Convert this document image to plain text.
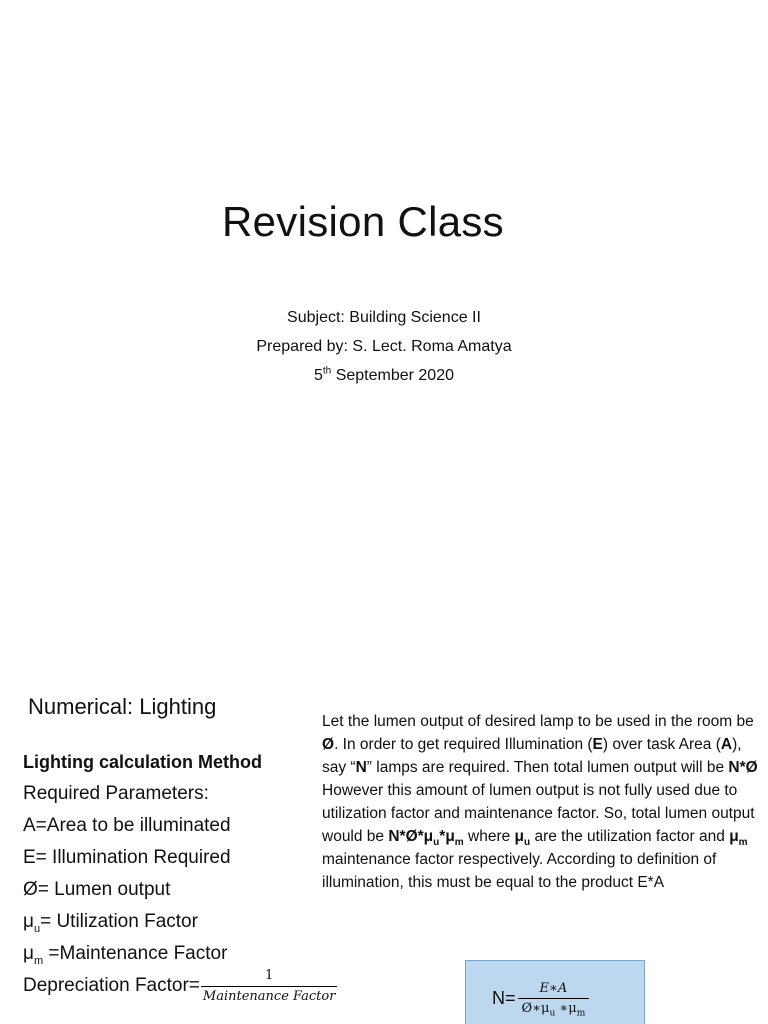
Revision Class
Subject: Building Science II
Prepared by: S. Lect. Roma Amatya
5th September 2020
Numerical: Lighting
Lighting calculation Method
Required Parameters:
A=Area to be illuminated
E= Illumination Required
Ø= Lumen output
$\mu_u=$ Utilization Factor
$\mu_m$ =Maintenance Factor
Depreciation Factor= $\frac{1}{\text{Maintenance Factor}}$

Let the lumen output of desired lamp to be used in the room be Ø. In order to get required Illumination (E) over task Area (A), say “N” lamps are required. Then total lumen output will be N*Ø

However this amount of lumen output is not fully used due to utilization factor and maintenance factor. So, total lumen output would be $N*Ø*\mu_u*\mu_m$ where $\mu_u$ are the utilization factor and $\mu_m$ maintenance factor respectively. According to definition of illumination, this must be equal to the product E*A

$N= \frac{E∗A}{Ø∗\mu_u ∗\mu_m}$
